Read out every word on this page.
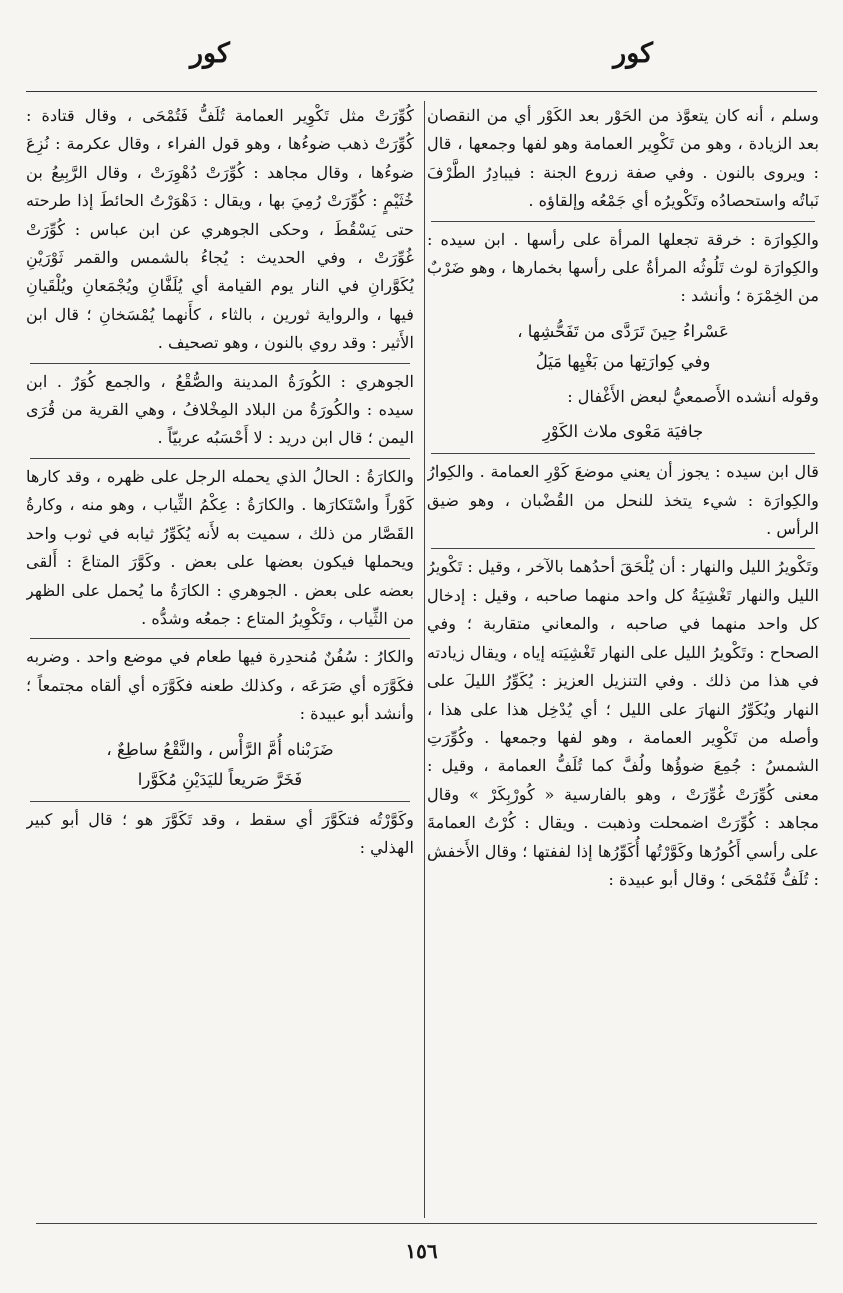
كور
كور

وسلم ، أنه كان يتعوَّذ من الحَوْر بعد الكَوْر أي من النقصان بعد الزيادة ، وهو من تَكْوِير العمامة وهو لفها وجمعها ، قال : ويروى بالنون . وفي صفة زروع الجنة : فيبادِرُ الطَّرْفَ نَباتُه واستحصادُه وتَكْويرُه أي جَمْعُه وإلقاؤه .

والكِوارَة : خرقة تجعلها المرأة على رأسها . ابن سيده : والكِوارَة لوث تَلُوثُه المرأةُ على رأسها بخمارها ، وهو ضَرْبٌ من الخِمْرَة ؛ وأنشد :

عَسْراءُ حِينَ تَرَدَّى من تَفَحُّشِها ،
وفي كِوارَتِها من بَغْيِها مَيَلُ

وقوله أنشده الأَصمعيُّ لبعض الأَغْفال :

جافيَة مَعْوى ملاث الكَوْرِ

قال ابن سيده : يجوز أن يعني موضعَ كَوْرِ العمامة . والكِوارُ والكِوارَة : شيء يتخذ للنحل من القُضْبان ، وهو ضيق الرأس .

وتَكْويرُ الليل والنهار : أن يُلْحَقَ أحدُهما بالآخر ، وقيل : تَكْويرُ الليل والنهار تَغْشِيَةُ كل واحد منهما صاحبه ، وقيل : إدخال كل واحد منهما في صاحبه ، والمعاني متقاربة ؛ وفي الصحاح : وتَكْويرُ الليل على النهار تَغْشِيَته إياه ، ويقال زيادته في هذا من ذلك . وفي التنزيل العزيز : يُكَوِّرُ الليلَ على النهار ويُكَوِّرُ النهارَ على الليل ؛ أي يُدْخِل هذا على هذا ، وأصله من تَكْوِير العمامة ، وهو لفها وجمعها . وكُوِّرَتِ الشمسُ : جُمِعَ ضوؤُها ولُفَّ كما تُلَفُّ العمامة ، وقيل : معنى كُوِّرَتْ غُوِّرَتْ ، وهو بالفارسية « كُورْبِكَرْ » وقال مجاهد : كُوِّرَتْ اضمحلت وذهبت . ويقال : كُرْتُ العمامةَ على رأسي أَكُورُها وكَوَّرْتُها أُكَوِّرُها إذا لففتها ؛ وقال الأَخفش : تُلَفُّ فَتُمْحَى ؛ وقال أبو عبيدة :

كُوِّرَتْ مثل تَكْوِير العمامة تُلَفُّ فَتُمْحَى ، وقال قتادة : كُوِّرَتْ ذهب ضوءُها ، وهو قول الفراء ، وقال عكرمة : نُزِعَ ضوءُها ، وقال مجاهد : كُوِّرَتْ دُهْوِرَتْ ، وقال الرَّبِيعُ بن خُثَيْمٍ : كُوِّرَتْ رُمِيَ بها ، ويقال : دَهْوَرْتُ الحائطَ إذا طرحته حتى يَسْقُطَ ، وحكى الجوهري عن ابن عباس : كُوِّرَتْ غُوِّرَتْ ، وفي الحديث : يُجاءُ بالشمس والقمر ثَوْرَيْنِ يُكَوَّرانِ في النار يوم القيامة أي يُلَفَّانِ ويُجْمَعانِ ويُلْقَيانِ فيها ، والرواية ثورين ، بالثاء ، كأَنهما يُمْسَخانِ ؛ قال ابن الأَثير : وقد روي بالنون ، وهو تصحيف .

الجوهري : الكُورَةُ المدينة والصُّقْعُ ، والجمع كُوَرٌ . ابن سيده : والكُورَةُ من البلاد المِخْلافُ ، وهي القرية من قُرَى اليمن ؛ قال ابن دريد : لا أَحْسَبُه عربيّاً .

والكارَةُ : الحالُ الذي يحمله الرجل على ظهره ، وقد كارها كَوْراً واسْتَكارَها . والكارَةُ : عِكْمُ الثِّياب ، وهو منه ، وكارةُ القَصَّار من ذلك ، سميت به لأَنه يُكَوِّرُ ثيابه في ثوب واحد ويحملها فيكون بعضها على بعض . وكَوَّرَ المتاعَ : أَلقى بعضه على بعض . الجوهري : الكارَةُ ما يُحمل على الظهر من الثِّياب ، وتَكْوِيرُ المتاع : جمعُه وشدُّه .

والكارُ : سُفُنٌ مُنحدِرة فيها طعام في موضع واحد . وضربه فكَوَّرَه أي صَرَعَه ، وكذلك طعنه فكَوَّرَه أي ألقاه مجتمعاً ؛ وأنشد أبو عبيدة :

ضَرَبْناه أُمَّ الرَّأْس ، والنَّقْعُ ساطِعٌ ،
فَخَرَّ صَريعاً لليَدَيْنِ مُكَوَّرا

وكَوَّرْتُه فتكَوَّرَ أي سقط ، وقد تَكَوَّرَ هو ؛ قال أبو كبير الهذلي :

١٥٦
